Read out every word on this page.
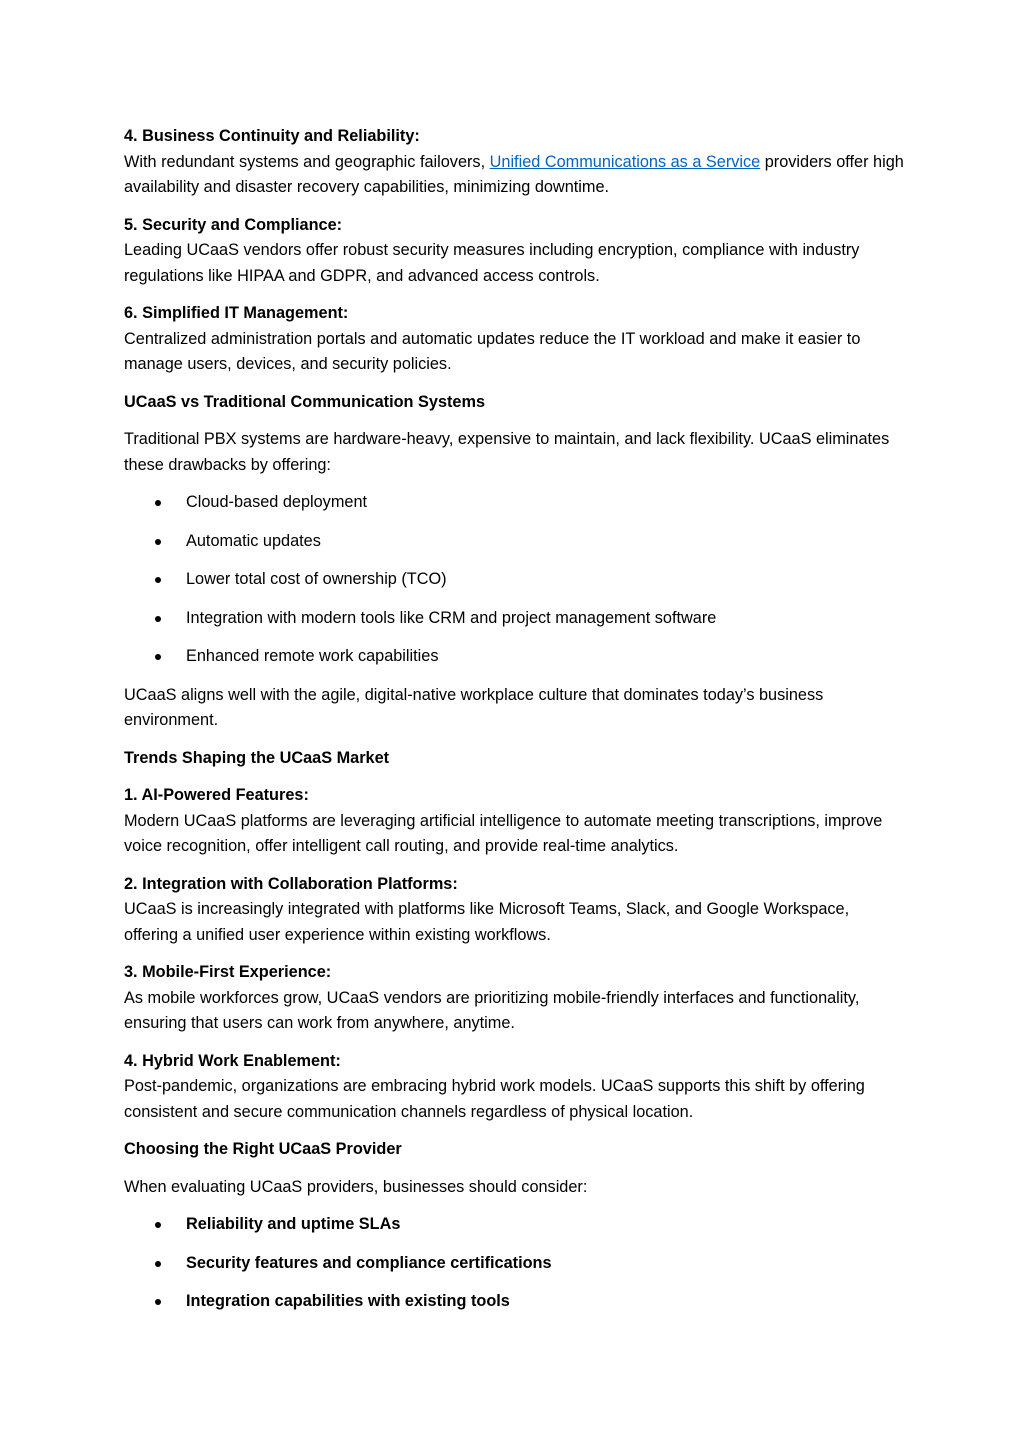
4. Business Continuity and Reliability:

With redundant systems and geographic failovers, Unified Communications as a Service providers offer high availability and disaster recovery capabilities, minimizing downtime.

5. Security and Compliance:

Leading UCaaS vendors offer robust security measures including encryption, compliance with industry regulations like HIPAA and GDPR, and advanced access controls.

6. Simplified IT Management:

Centralized administration portals and automatic updates reduce the IT workload and make it easier to manage users, devices, and security policies.

UCaaS vs Traditional Communication Systems

Traditional PBX systems are hardware-heavy, expensive to maintain, and lack flexibility. UCaaS eliminates these drawbacks by offering:

Cloud-based deployment
Automatic updates
Lower total cost of ownership (TCO)
Integration with modern tools like CRM and project management software
Enhanced remote work capabilities

UCaaS aligns well with the agile, digital-native workplace culture that dominates today’s business environment.

Trends Shaping the UCaaS Market

1. AI-Powered Features:

Modern UCaaS platforms are leveraging artificial intelligence to automate meeting transcriptions, improve voice recognition, offer intelligent call routing, and provide real-time analytics.

2. Integration with Collaboration Platforms:

UCaaS is increasingly integrated with platforms like Microsoft Teams, Slack, and Google Workspace, offering a unified user experience within existing workflows.

3. Mobile-First Experience:

As mobile workforces grow, UCaaS vendors are prioritizing mobile-friendly interfaces and functionality, ensuring that users can work from anywhere, anytime.

4. Hybrid Work Enablement:

Post-pandemic, organizations are embracing hybrid work models. UCaaS supports this shift by offering consistent and secure communication channels regardless of physical location.

Choosing the Right UCaaS Provider

When evaluating UCaaS providers, businesses should consider:

Reliability and uptime SLAs
Security features and compliance certifications
Integration capabilities with existing tools
